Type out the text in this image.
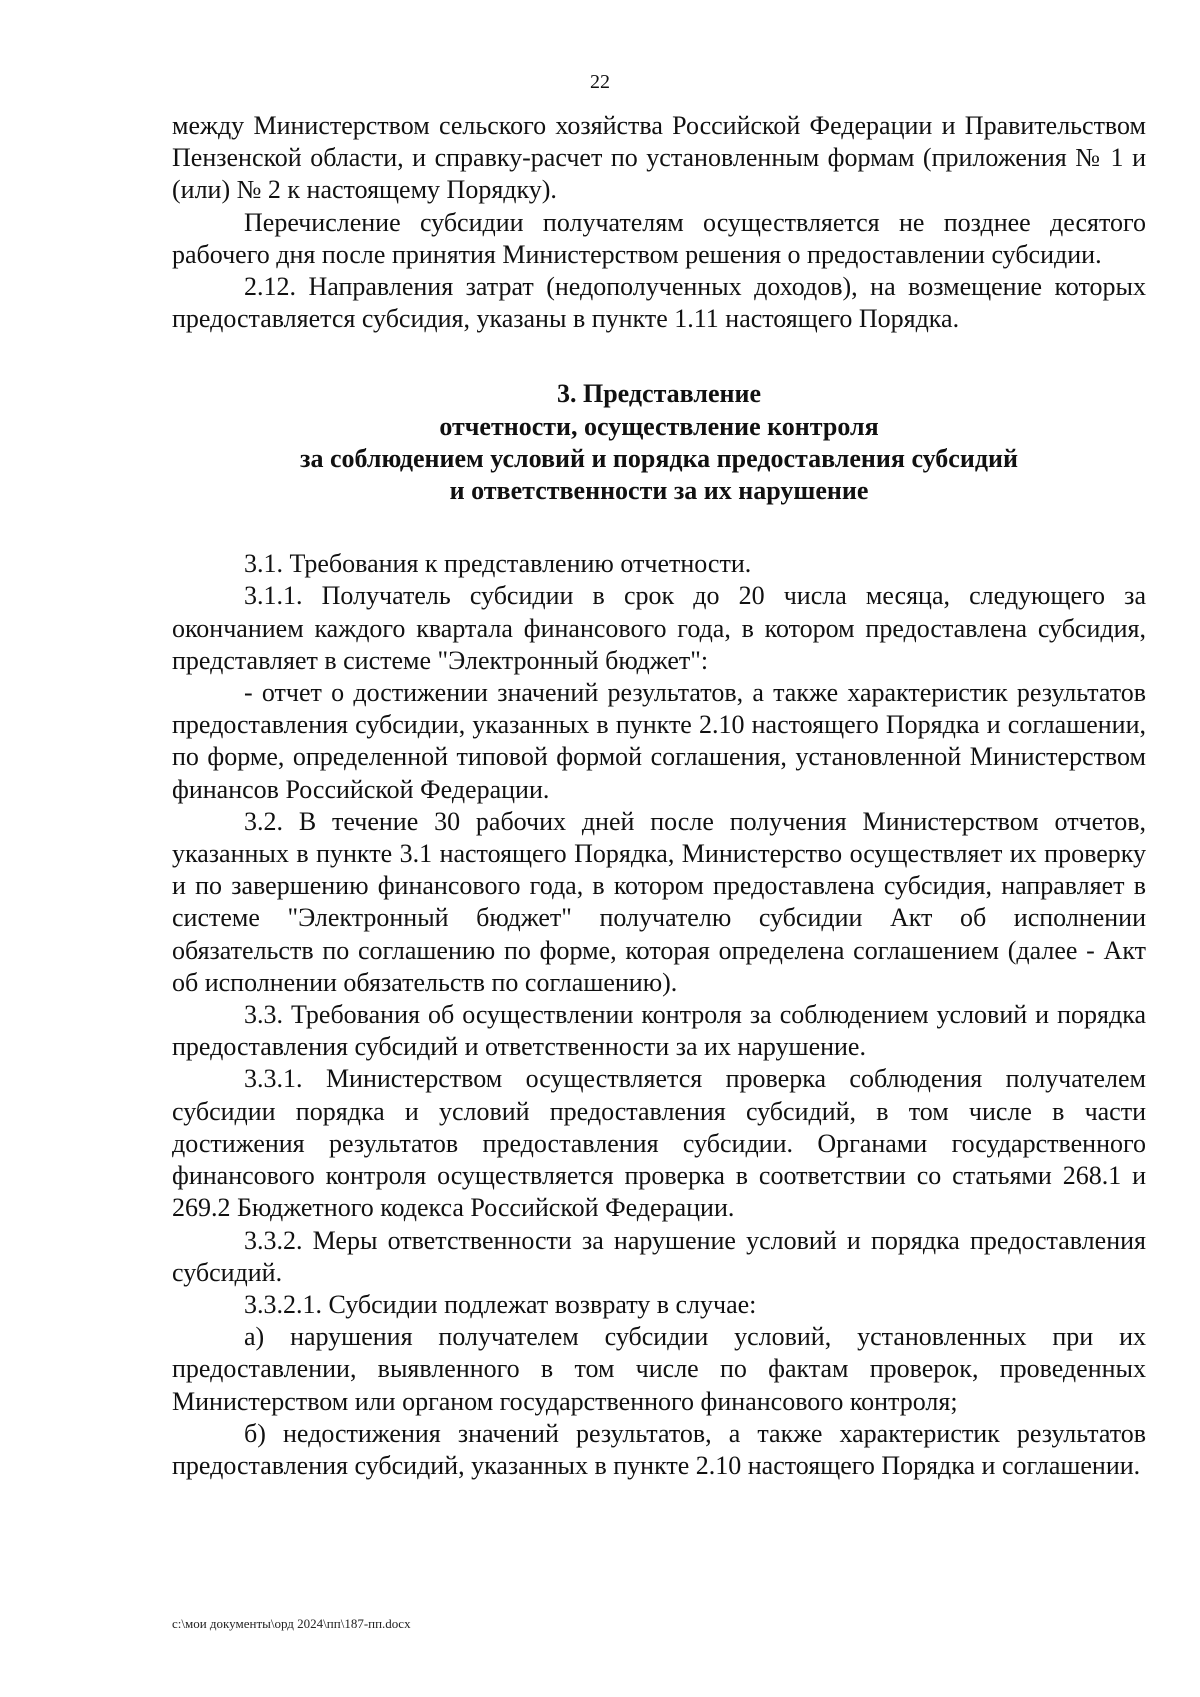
22

между Министерством сельского хозяйства Российской Федерации и Правительством Пензенской области, и справку-расчет по установленным формам (приложения № 1 и (или) № 2 к настоящему Порядку).

Перечисление субсидии получателям осуществляется не позднее десятого рабочего дня после принятия Министерством решения о предоставлении субсидии.

2.12. Направления затрат (недополученных доходов), на возмещение которых предоставляется субсидия, указаны в пункте 1.11 настоящего Порядка.

3. Представление
отчетности, осуществление контроля
за соблюдением условий и порядка предоставления субсидий
и ответственности за их нарушение

3.1. Требования к представлению отчетности.

3.1.1. Получатель субсидии в срок до 20 числа месяца, следующего за окончанием каждого квартала финансового года, в котором предоставлена субсидия, представляет в системе "Электронный бюджет":

- отчет о достижении значений результатов, а также характеристик результатов предоставления субсидии, указанных в пункте 2.10 настоящего Порядка и соглашении, по форме, определенной типовой формой соглашения, установленной Министерством финансов Российской Федерации.

3.2. В течение 30 рабочих дней после получения Министерством отчетов, указанных в пункте 3.1 настоящего Порядка, Министерство осуществляет их проверку и по завершению финансового года, в котором предоставлена субсидия, направляет в системе "Электронный бюджет" получателю субсидии Акт об исполнении обязательств по соглашению по форме, которая определена соглашением (далее - Акт об исполнении обязательств по соглашению).

3.3. Требования об осуществлении контроля за соблюдением условий и порядка предоставления субсидий и ответственности за их нарушение.

3.3.1. Министерством осуществляется проверка соблюдения получателем субсидии порядка и условий предоставления субсидий, в том числе в части достижения результатов предоставления субсидии. Органами государственного финансового контроля осуществляется проверка в соответствии со статьями 268.1 и 269.2 Бюджетного кодекса Российской Федерации.

3.3.2. Меры ответственности за нарушение условий и порядка предоставления субсидий.

3.3.2.1. Субсидии подлежат возврату в случае:

а) нарушения получателем субсидии условий, установленных при их предоставлении, выявленного в том числе по фактам проверок, проведенных Министерством или органом государственного финансового контроля;

б) недостижения значений результатов, а также характеристик результатов предоставления субсидий, указанных в пункте 2.10 настоящего Порядка и соглашении.

c:\мои документы\орд 2024\пп\187-пп.docx
